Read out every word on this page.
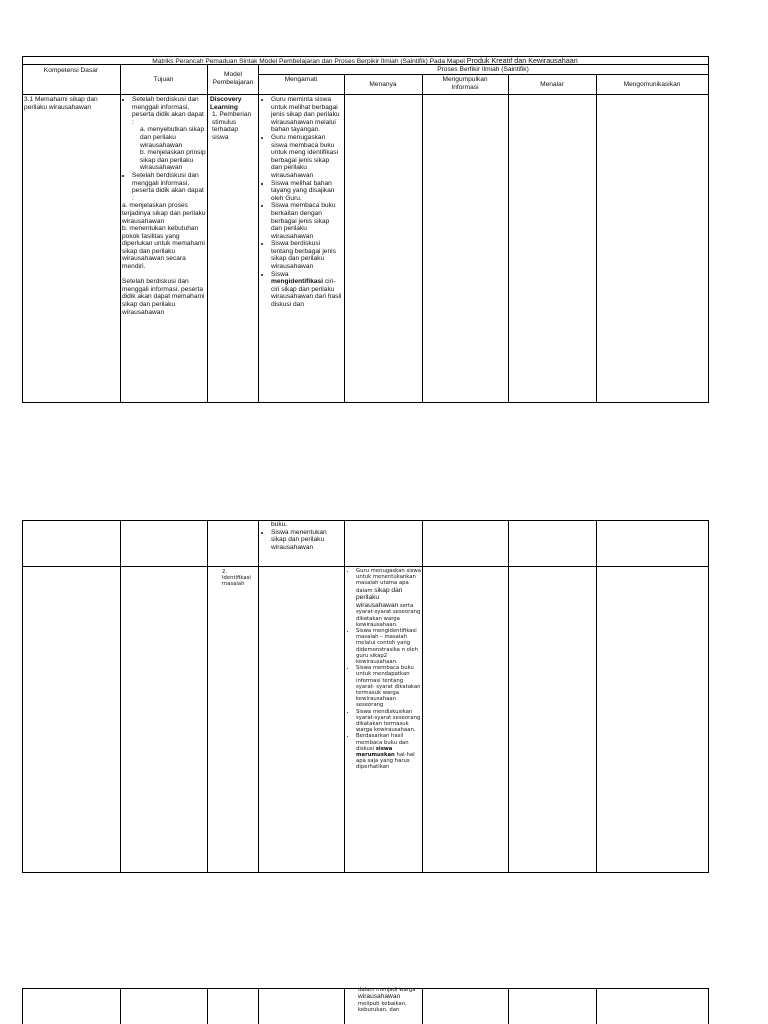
Matriks Perancah Pemaduan Sintak Model Pembelajaran dan Proses Berpikir Ilmiah (Saintifik) Pada Mapel Produk Kreatif dan Kewirausahaan
Kompetensi Dasar
Tujuan
Model Pembelajaran
Proses Berfikir Ilmiah (Saintifik)
Mengamati
Menanya
Mengumpulkan Informasi	Menalar	Mengomunikasikan
3.1 Memahami sikap dan perilaku wirausahawan
• Setelah berdiskusi dan menggali informasi, peserta didik akan dapat :
a. menyebutkan sikap dan perilaku wirausahawan
b. menjelaskan prinsip sikap dan perilaku wirausahawan
• Setelah berdiskusi dan menggali informasi, peserta didik akan dapat :
a. menjelaskan proses terjadinya sikap dan perilaku wirausahawan
b. menentukan kebutuhan pokok fasilitas yang diperlukan untuk memahami sikap dan perilaku wirausahawan secara mendiri.
Setelah berdiskusi dan menggali informasi, peserta didik akan dapat memahami sikap dan perilaku wirausahawan
Discovery Learning
1. Pemberian stimulus terhadap siswa
• Guru meminta siswa untuk melihat berbagai jenis sikap dan perilaku wirausahawan melalui bahan tayangan.
• Guru menugaskan siswa membaca buku untuk meng identifikasi berbagai jenis sikap dan perilaku wirausahawan
• Siswa melihat bahan tayang yang disajikan oleh Guru.
• Siswa membaca buku berkaitan dengan berbagai jenis sikap dan perilaku wirausahawan
• Siswa berdiskusi tentang berbagai jenis sikap dan perilaku wirausahawan
• Siswa
mengidentifikasi ciri-ciri sikap dan perilaku wirausahawan dari hasil diskusi dan
buku.
• Siswa menentukan sikap dan perilaku wirausahawan
2. Identifikasi masalah
• Guru menugaskan siswa untuk menentukankan masalah utama apa dalam sikap dan perilaku wirausahawan serta syarat-syarat seseorang dikatakan warga kewirausahaan.
• Siswa mengidentifikasi masalah – masalah melalui contoh yang didemonstrasika n oleh guru sikap2 kewirausahaan.
• Siswa membaca buku untuk mendapatkan informasi tentang syarat- syarat dikatakan termasuk warga kewirausahaan seseorang
• Siswa mendiskusikan syarat-syarat seseorang dikatakan termasuk warga kewirausahaan.
• Berdasarkan hasil membaca buku dan diskusi siswa merumuskan hal-hal apa saja yang harus diperhatikan
dalam menjadi warga
wirausahawan
meliputi kebaikan, keburukan, dan
